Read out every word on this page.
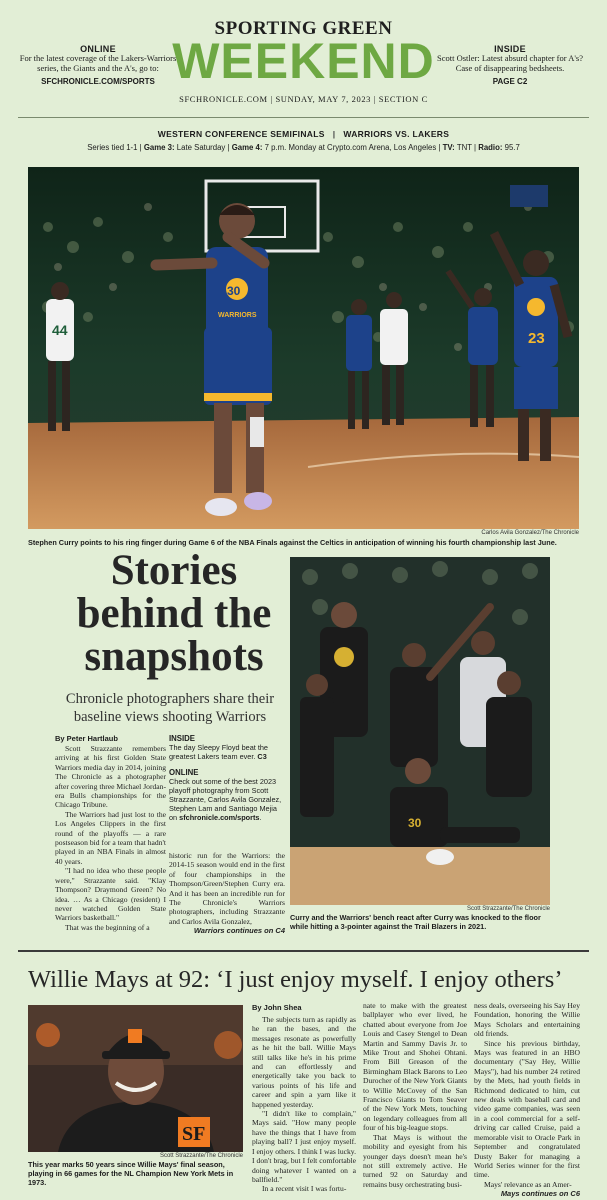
ONLINE
For the latest coverage of the Lakers-Warriors series, the Giants and the A's, go to:
SFCHRONICLE.COM/SPORTS
SPORTING GREEN
WEEKEND	INSIDE
Scott Ostler: Latest absurd chapter for A's? Case of disappearing bedsheets.
PAGE C2
SFCHRONICLE.COM | SUNDAY, MAY 7, 2023 | SECTION C
WESTERN CONFERENCE SEMIFINALS | WARRIORS VS. LAKERS
Series tied 1-1 | Game 3: Late Saturday | Game 4: 7 p.m. Monday at Crypto.com Arena, Los Angeles | TV: TNT | Radio: 95.7
44	23
30
WARRIORS
Carlos Avila Gonzalez/The Chronicle
Stephen Curry points to his ring finger during Game 6 of the NBA Finals against the Celtics in anticipation of winning his fourth championship last June.
Stories
behind the
snapshots
Chronicle photographers share their baseline views shooting Warriors
By Peter Hartlaub

Scott Strazzante remembers arriving at his first Golden State Warriors media day in 2014, joining The Chronicle as a photographer after covering three Michael Jordan-era Bulls championships for the Chicago Tribune.

The Warriors had just lost to the Los Angeles Clippers in the first round of the playoffs — a rare postseason bid for a team that hadn't played in an NBA Finals in almost 40 years.

"I had no idea who these people were," Strazzante said. "Klay Thompson? Draymond Green? No idea. … As a Chicago (resident) I never watched Golden State Warriors basketball."

That was the beginning of a

INSIDE
The day Sleepy Floyd beat the greatest Lakers team ever. C3
ONLINE
Check out some of the best 2023 playoff photography from Scott Strazzante, Carlos Avila Gonzalez, Stephen Lam and Santiago Mejia on sfchronicle.com/sports.

historic run for the Warriors: the 2014-15 season would end in the first of four championships in the Thompson/Green/Stephen Curry era. And it has been an incredible run for The Chronicle's Warriors photographers, including Strazzante and Carlos Avila Gonzalez,

Warriors continues on C4
30
Scott Strazzante/The Chronicle
Curry and the Warriors' bench react after Curry was knocked to the floor while hitting a 3-pointer against the Trail Blazers in 2021.
Willie Mays at 92: ‘I just enjoy myself. I enjoy others’
SF
Scott Strazzante/The Chronicle
This year marks 50 years since Willie Mays' final season, playing in 66 games for the NL Champion New York Mets in 1973.
By John Shea

The subjects turn as rapidly as he ran the bases, and the messages resonate as powerfully as he hit the ball. Willie Mays still talks like he's in his prime and can effortlessly and energetically take you back to various points of his life and career and spin a yarn like it happened yesterday.

"I didn't like to complain," Mays said. "How many people have the things that I have from playing ball? I just enjoy myself. I enjoy others. I think I was lucky. I don't brag, but I felt comfortable doing whatever I wanted on a ballfield."

In a recent visit I was fortu-

nate to make with the greatest ballplayer who ever lived, he chatted about everyone from Joe Louis and Casey Stengel to Dean Martin and Sammy Davis Jr. to Mike Trout and Shohei Ohtani. From Bill Greason of the Birmingham Black Barons to Leo Durocher of the New York Giants to Willie McCovey of the San Francisco Giants to Tom Seaver of the New York Mets, touching on legendary colleagues from all four of his big-league stops.

That Mays is without the mobility and eyesight from his younger days doesn't mean he's not still extremely active. He turned 92 on Saturday and remains busy orchestrating busi-

ness deals, overseeing his Say Hey Foundation, honoring the Willie Mays Scholars and entertaining old friends.

Since his previous birthday, Mays was featured in an HBO documentary ("Say Hey, Willie Mays"), had his number 24 retired by the Mets, had youth fields in Richmond dedicated to him, cut new deals with baseball card and video game companies, was seen in a cool commercial for a self-driving car called Cruise, paid a memorable visit to Oracle Park in September and congratulated Dusty Baker for managing a World Series winner for the first time.

Mays' relevance as an Amer-

Mays continues on C6
